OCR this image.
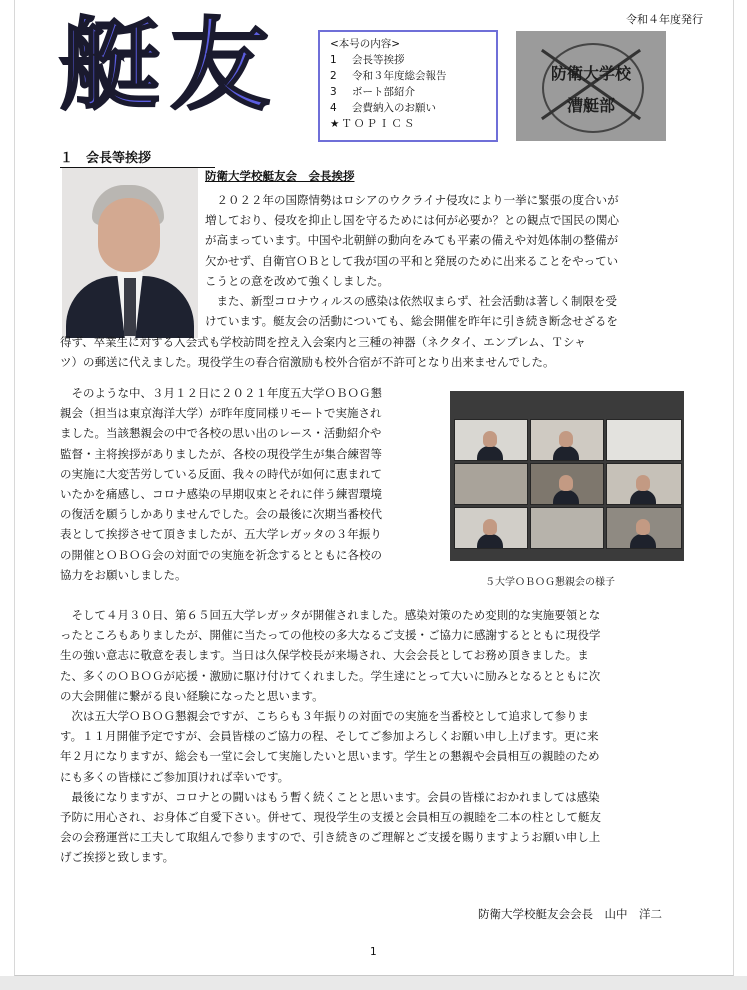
令和４年度発行
艇友	<本号の内容>
1	会長等挨拶
2	令和３年度総会報告
3	ボート部紹介
4	会費納入のお願い
★ＴＯＰＩＣＳ
防衛大学校
漕艇部
１　会長等挨拶
防衛大学校艇友会　会長挨拶
　２０２２年の国際情勢はロシアのウクライナ侵攻により一挙に緊張の度合いが
増しており、侵攻を抑止し国を守るためには何が必要か？との観点で国民の関心
が高まっています。中国や北朝鮮の動向をみても平素の備えや対処体制の整備が
欠かせず、自衛官ＯＢとして我が国の平和と発展のために出来ることをやってい
こうとの意を改めて強くしました。
　また、新型コロナウィルスの感染は依然収まらず、社会活動は著しく制限を受
けています。艇友会の活動についても、総会開催を昨年に引き続き断念せざるを
得ず、卒業生に対する入会式も学校訪問を控え入会案内と三種の神器（ネクタイ、エンブレム、Ｔシャ
ツ）の郵送に代えました。現役学生の春合宿激励も校外合宿が不許可となり出来ませんでした。
　そのような中、３月１２日に２０２１年度五大学ＯＢＯＧ懇
親会（担当は東京海洋大学）が昨年度同様リモートで実施され
ました。当該懇親会の中で各校の思い出のレース・活動紹介や
監督・主将挨拶がありましたが、各校の現役学生が集合練習等
の実施に大変苦労している反面、我々の時代が如何に恵まれて
いたかを痛感し、コロナ感染の早期収束とそれに伴う練習環境
の復活を願うしかありませんでした。会の最後に次期当番校代
表として挨拶させて頂きましたが、五大学レガッタの３年振り
の開催とＯＢＯＧ会の対面での実施を祈念するとともに各校の
協力をお願いしました。
５大学ＯＢＯＧ懇親会の様子
　そして４月３０日、第６５回五大学レガッタが開催されました。感染対策のため変則的な実施要領とな
ったところもありましたが、開催に当たっての他校の多大なるご支援・ご協力に感謝するとともに現役学
生の強い意志に敬意を表します。当日は久保学校長が来場され、大会会長としてお務め頂きました。ま
た、多くのＯＢＯＧが応援・激励に駆け付けてくれました。学生達にとって大いに励みとなるとともに次
の大会開催に繋がる良い経験になったと思います。
　次は五大学ＯＢＯＧ懇親会ですが、こちらも３年振りの対面での実施を当番校として追求して参りま
す。１１月開催予定ですが、会員皆様のご協力の程、そしてご参加よろしくお願い申し上げます。更に来
年２月になりますが、総会も一堂に会して実施したいと思います。学生との懇親や会員相互の親睦のため
にも多くの皆様にご参加頂ければ幸いです。
　最後になりますが、コロナとの闘いはもう暫く続くことと思います。会員の皆様におかれましては感染
予防に用心され、お身体ご自愛下さい。併せて、現役学生の支援と会員相互の親睦を二本の柱として艇友
会の会務運営に工夫して取組んで参りますので、引き続きのご理解とご支援を賜りますようお願い申し上
げご挨拶と致します。
防衛大学校艇友会会長　山中　洋二
1
